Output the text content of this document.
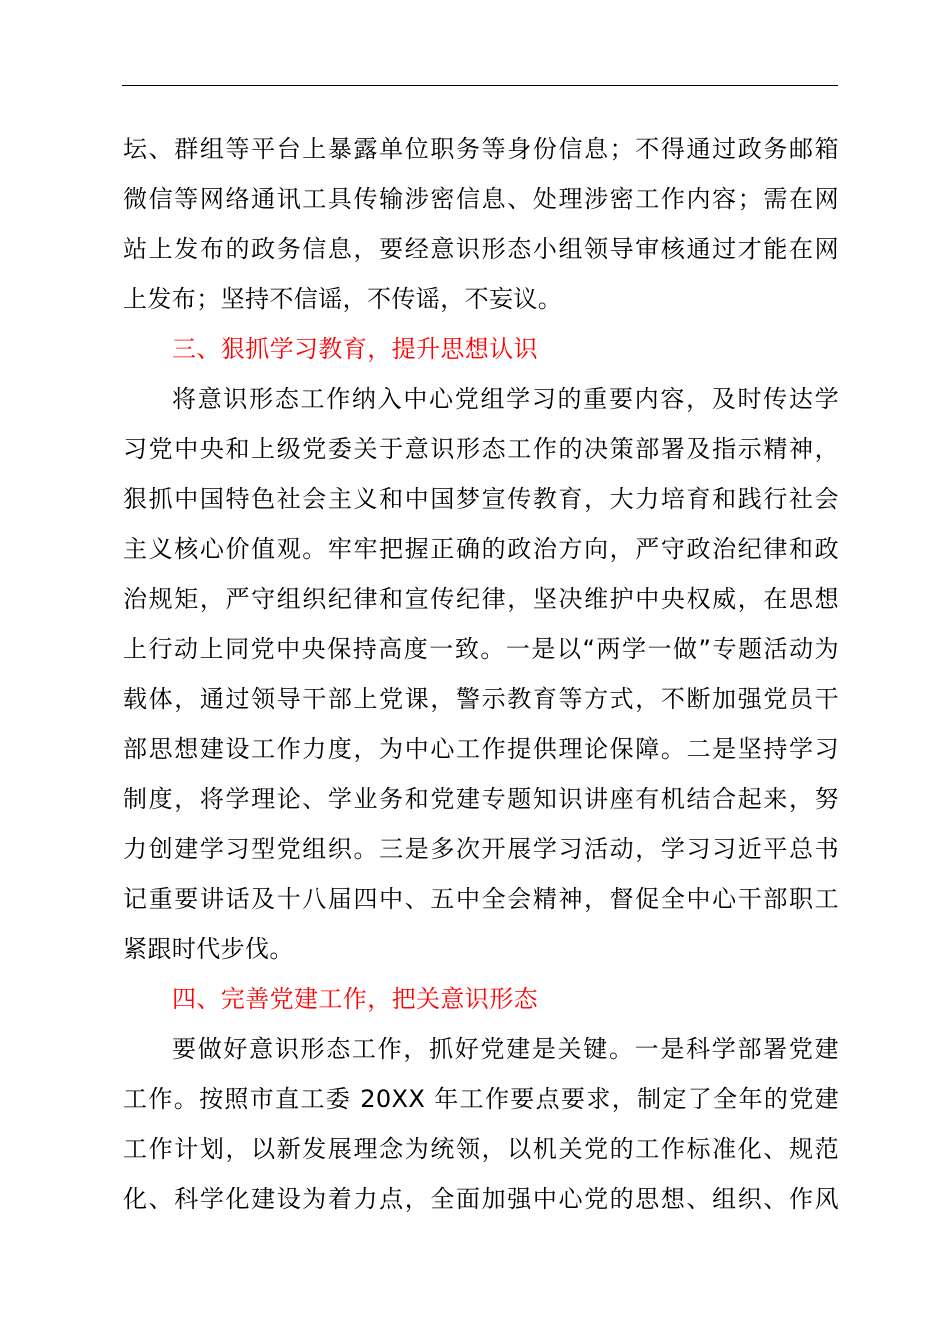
坛、群组等平台上暴露单位职务等身份信息；不得通过政务邮箱
微信等网络通讯工具传输涉密信息、处理涉密工作内容；需在网
站上发布的政务信息，要经意识形态小组领导审核通过才能在网
上发布；坚持不信谣，不传谣，不妄议。
三、狠抓学习教育，提升思想认识
将意识形态工作纳入中心党组学习的重要内容，及时传达学
习党中央和上级党委关于意识形态工作的决策部署及指示精神，
狠抓中国特色社会主义和中国梦宣传教育，大力培育和践行社会
主义核心价值观。牢牢把握正确的政治方向，严守政治纪律和政
治规矩，严守组织纪律和宣传纪律，坚决维护中央权威，在思想
上行动上同党中央保持高度一致。一是以“两学一做”专题活动为
载体，通过领导干部上党课，警示教育等方式，不断加强党员干
部思想建设工作力度，为中心工作提供理论保障。二是坚持学习
制度，将学理论、学业务和党建专题知识讲座有机结合起来，努
力创建学习型党组织。三是多次开展学习活动，学习习近平总书
记重要讲话及十八届四中、五中全会精神，督促全中心干部职工
紧跟时代步伐。
四、完善党建工作，把关意识形态
要做好意识形态工作，抓好党建是关键。一是科学部署党建
工作。按照市直工委 20XX 年工作要点要求，制定了全年的党建
工作计划，以新发展理念为统领，以机关党的工作标准化、规范
化、科学化建设为着力点，全面加强中心党的思想、组织、作风
